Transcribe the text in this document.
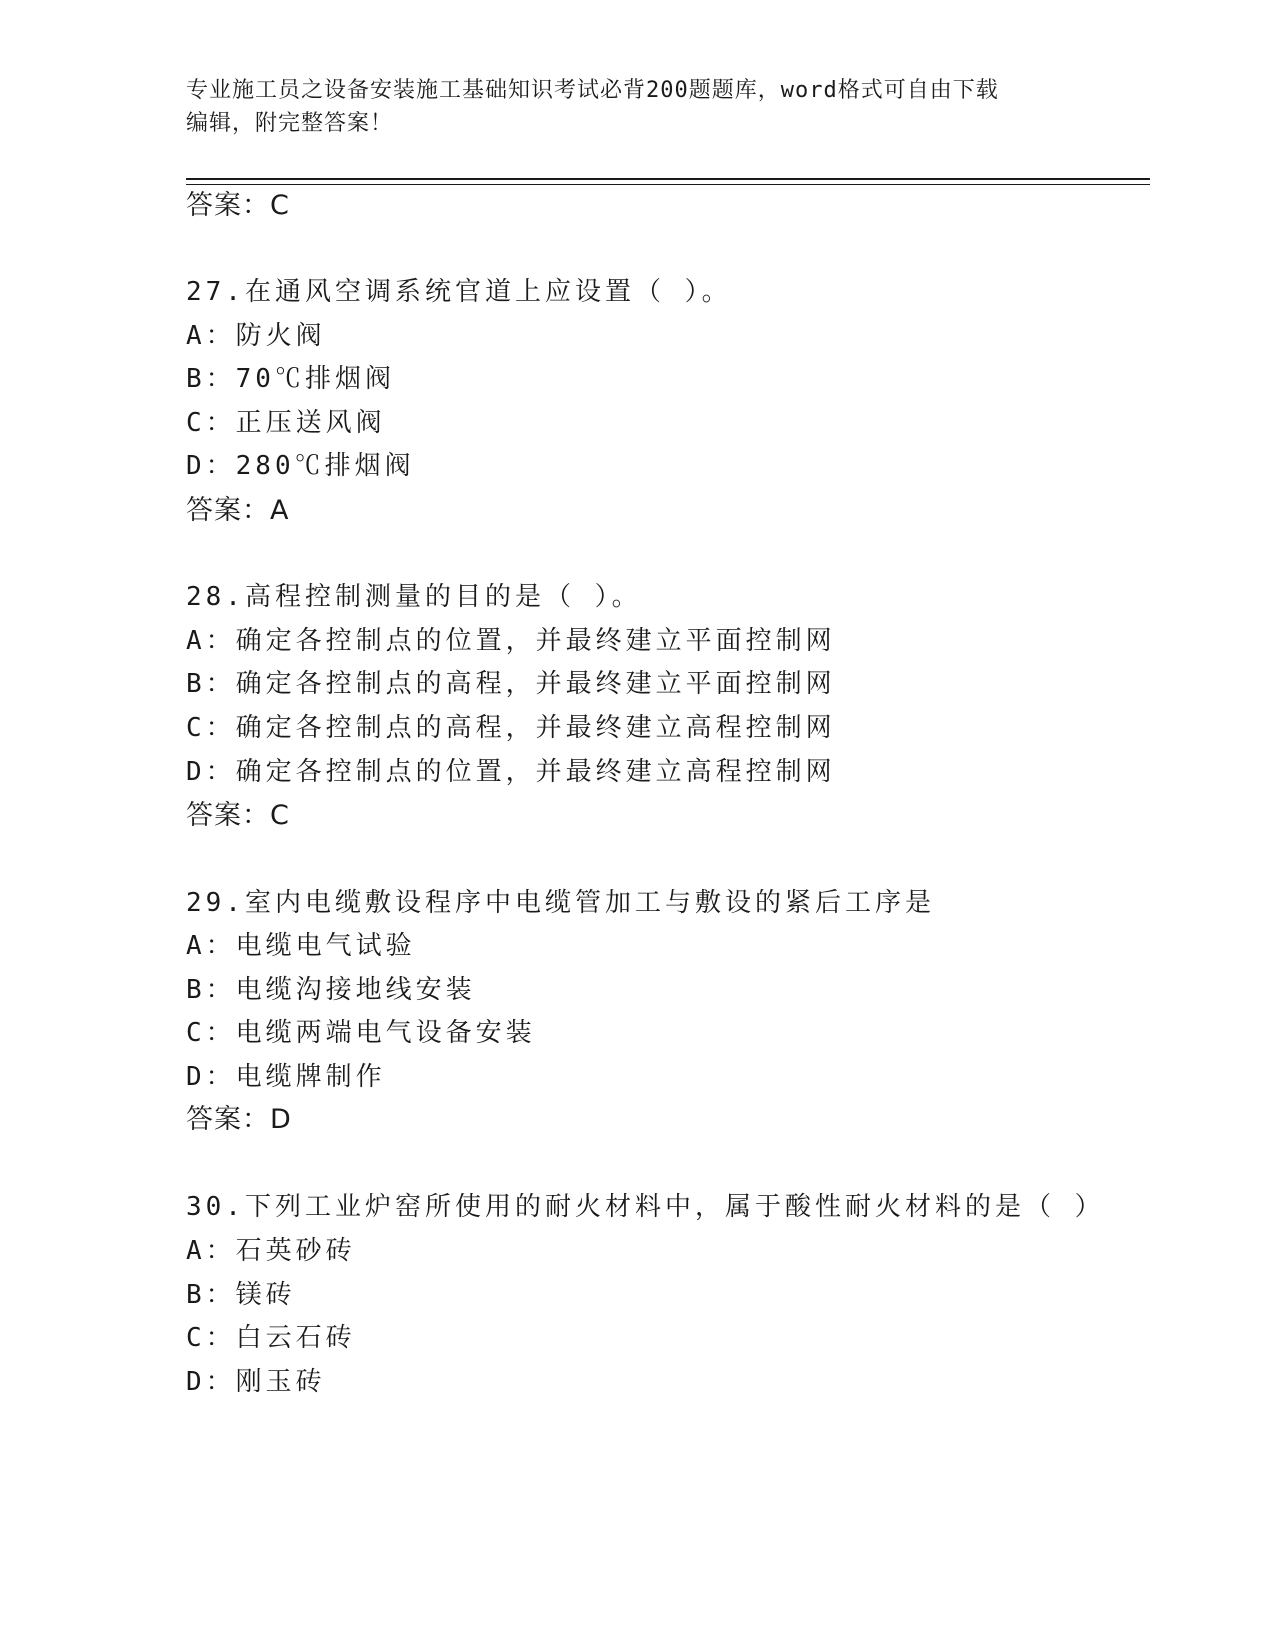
专业施工员之设备安装施工基础知识考试必背200题题库，word格式可自由下载
编辑，附完整答案！
答案：C
27.在通风空调系统官道上应设置（ ）。
A：防火阀
B：70℃排烟阀
C：正压送风阀
D：280℃排烟阀
答案：A
28.高程控制测量的目的是（ ）。
A：确定各控制点的位置，并最终建立平面控制网
B：确定各控制点的高程，并最终建立平面控制网
C：确定各控制点的高程，并最终建立高程控制网
D：确定各控制点的位置，并最终建立高程控制网
答案：C
29.室内电缆敷设程序中电缆管加工与敷设的紧后工序是
A：电缆电气试验
B：电缆沟接地线安装
C：电缆两端电气设备安装
D：电缆牌制作
答案：D
30.下列工业炉窑所使用的耐火材料中，属于酸性耐火材料的是（ ）
A：石英砂砖
B：镁砖
C：白云石砖
D：刚玉砖
